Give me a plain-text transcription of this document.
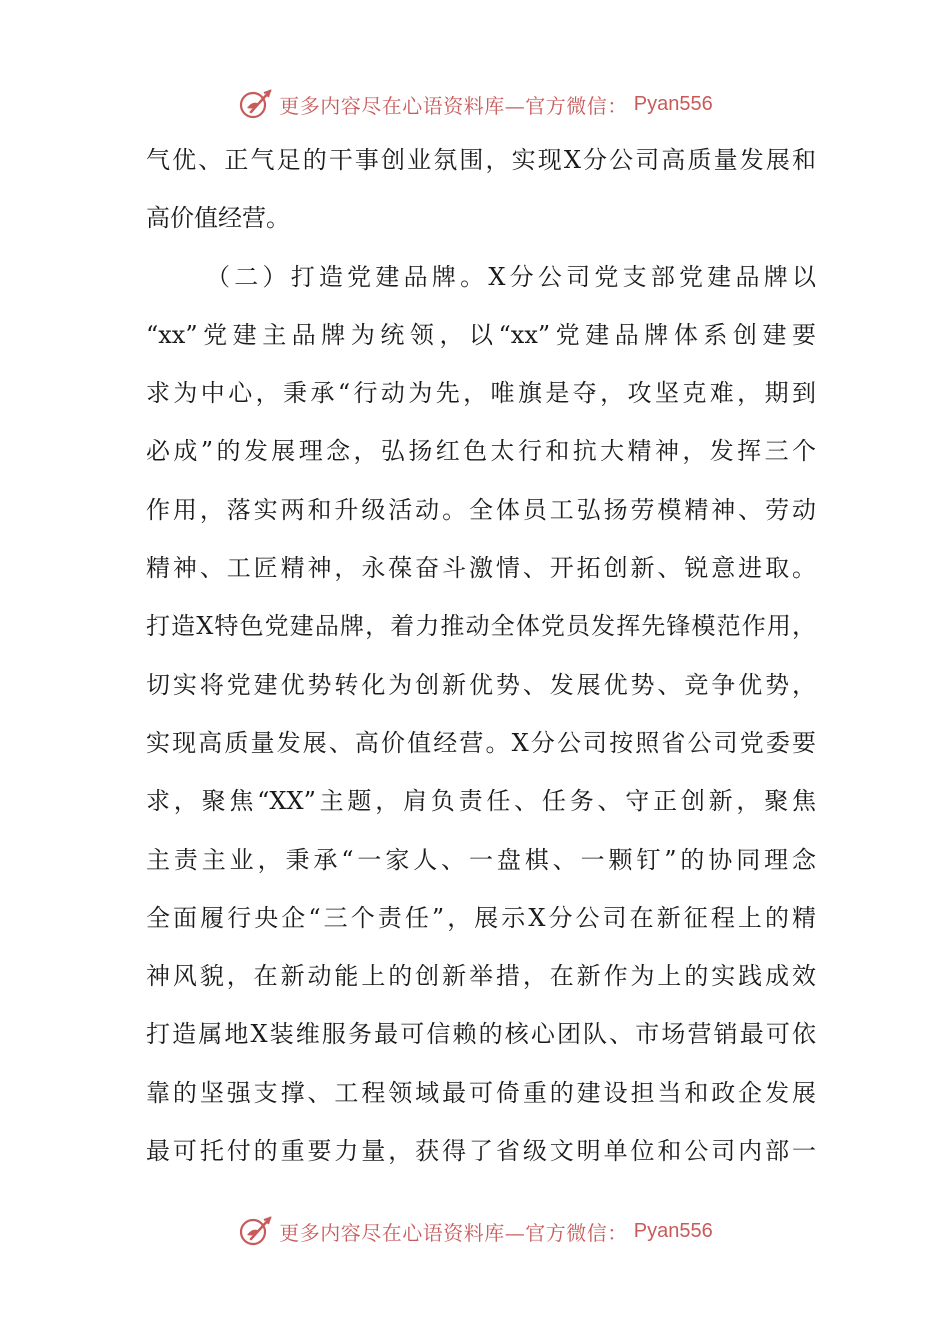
更多内容尽在心语资料库—官方微信： Pyan556
气优、正气足的干事创业氛围，实现X分公司高质量发展和
高价值经营。
（二）打造党建品牌。X分公司党支部党建品牌以
“xx”党建主品牌为统领，以“xx”党建品牌体系创建要
求为中心，秉承“行动为先，唯旗是夺，攻坚克难，期到
必成”的发展理念，弘扬红色太行和抗大精神，发挥三个
作用，落实两和升级活动。全体员工弘扬劳模精神、劳动
精神、工匠精神，永葆奋斗激情、开拓创新、锐意进取。
打造X特色党建品牌，着力推动全体党员发挥先锋模范作用，
切实将党建优势转化为创新优势、发展优势、竞争优势，
实现高质量发展、高价值经营。X分公司按照省公司党委要
求，聚焦“XX”主题，肩负责任、任务、守正创新，聚焦
主责主业，秉承“一家人、一盘棋、一颗钉”的协同理念
全面履行央企“三个责任”，展示X分公司在新征程上的精
神风貌，在新动能上的创新举措，在新作为上的实践成效
打造属地X装维服务最可信赖的核心团队、市场营销最可依
靠的坚强支撑、工程领域最可倚重的建设担当和政企发展
最可托付的重要力量，获得了省级文明单位和公司内部一
更多内容尽在心语资料库—官方微信： Pyan556
